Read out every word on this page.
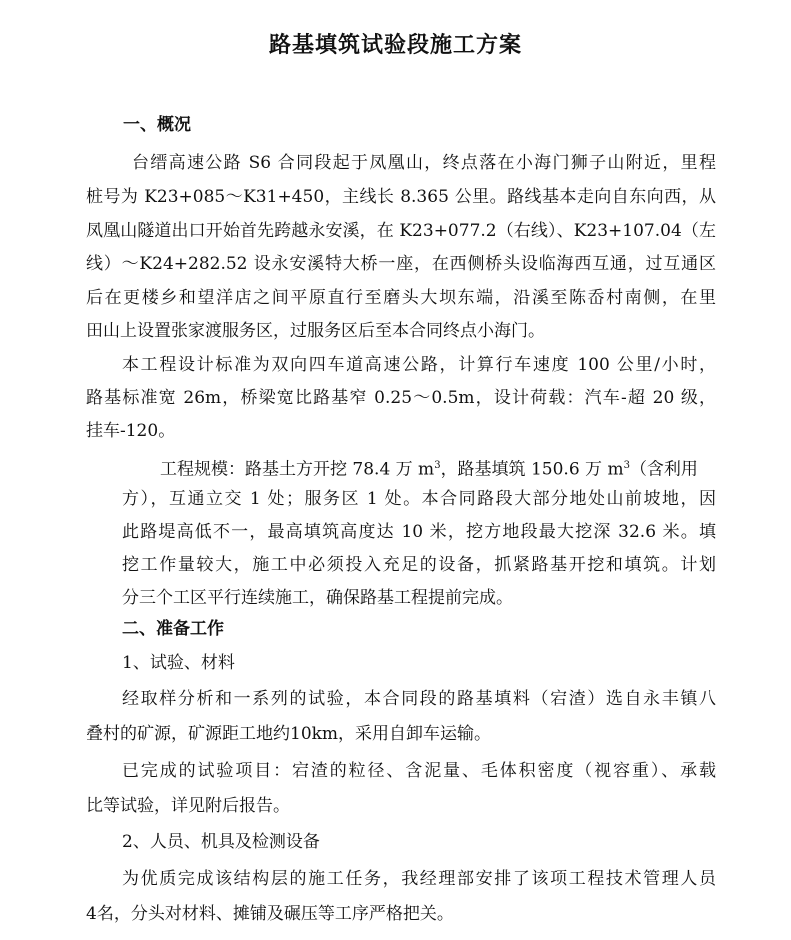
路基填筑试验段施工方案
一、概况
台缙高速公路 S6 合同段起于凤凰山，终点落在小海门狮子山附近，里程
桩号为 K23+085～K31+450，主线长 8.365 公里。路线基本走向自东向西，从
凤凰山隧道出口开始首先跨越永安溪，在 K23+077.2（右线）、K23+107.04（左
线）～K24+282.52 设永安溪特大桥一座，在西侧桥头设临海西互通，过互通区
后在更楼乡和望洋店之间平原直行至磨头大坝东端，沿溪至陈岙村南侧，在里
田山上设置张家渡服务区，过服务区后至本合同终点小海门。
本工程设计标准为双向四车道高速公路，计算行车速度 100 公里/小时，
路基标准宽 26m，桥梁宽比路基窄 0.25～0.5m，设计荷载：汽车-超 20 级，
挂车-120。
工程规模：路基土方开挖 78.4 万 $m^3$，路基填筑 150.6 万 $m^3$（含利用
方），互通立交 1 处；服务区 1 处。本合同路段大部分地处山前坡地，因
此路堤高低不一，最高填筑高度达 10 米，挖方地段最大挖深 32.6 米。填
挖工作量较大，施工中必须投入充足的设备，抓紧路基开挖和填筑。计划
分三个工区平行连续施工，确保路基工程提前完成。
二、准备工作
1、试验、材料
经取样分析和一系列的试验，本合同段的路基填料（宕渣）选自永丰镇八
叠村的矿源，矿源距工地约10km，采用自卸车运输。
已完成的试验项目：宕渣的粒径、含泥量、毛体积密度（视容重）、承载
比等试验，详见附后报告。
2、人员、机具及检测设备
为优质完成该结构层的施工任务，我经理部安排了该项工程技术管理人员
4名，分头对材料、摊铺及碾压等工序严格把关。
